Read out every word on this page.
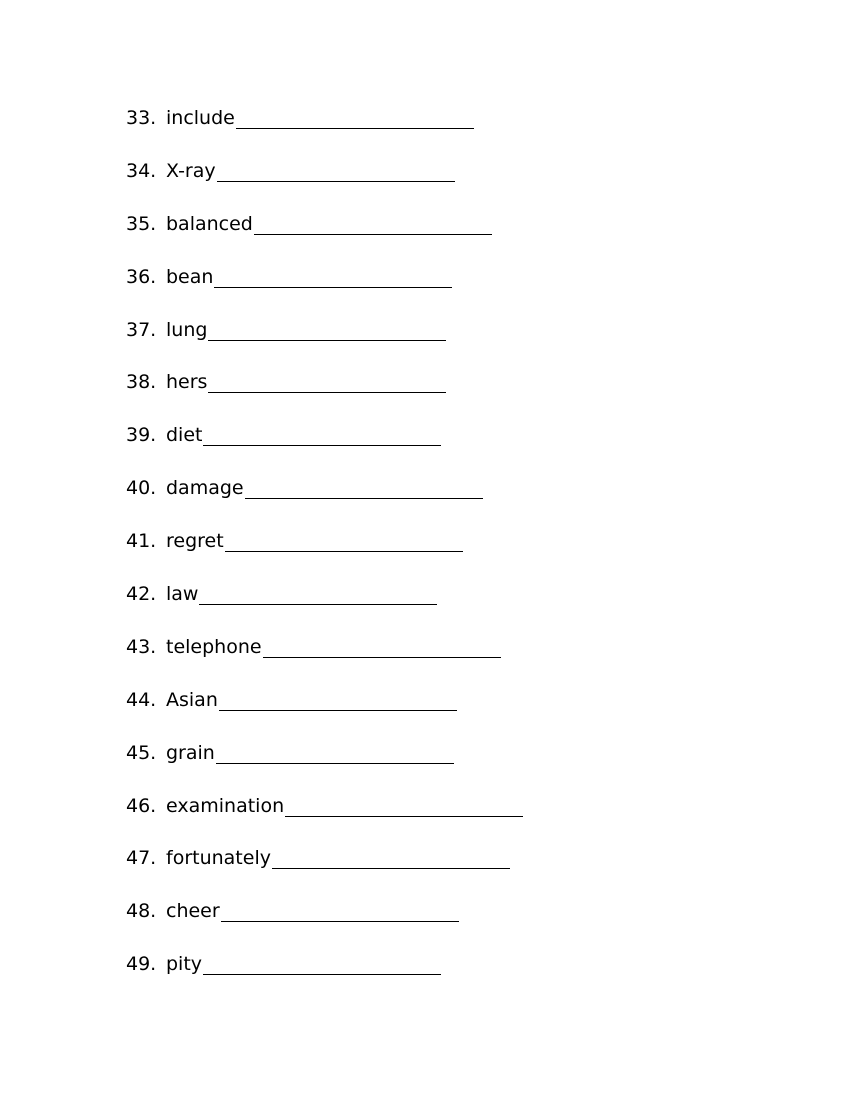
33. include
34. X-ray
35. balanced
36. bean
37. lung
38. hers
39. diet
40. damage
41. regret
42. law
43. telephone
44. Asian
45. grain
46. examination
47. fortunately
48. cheer
49. pity
